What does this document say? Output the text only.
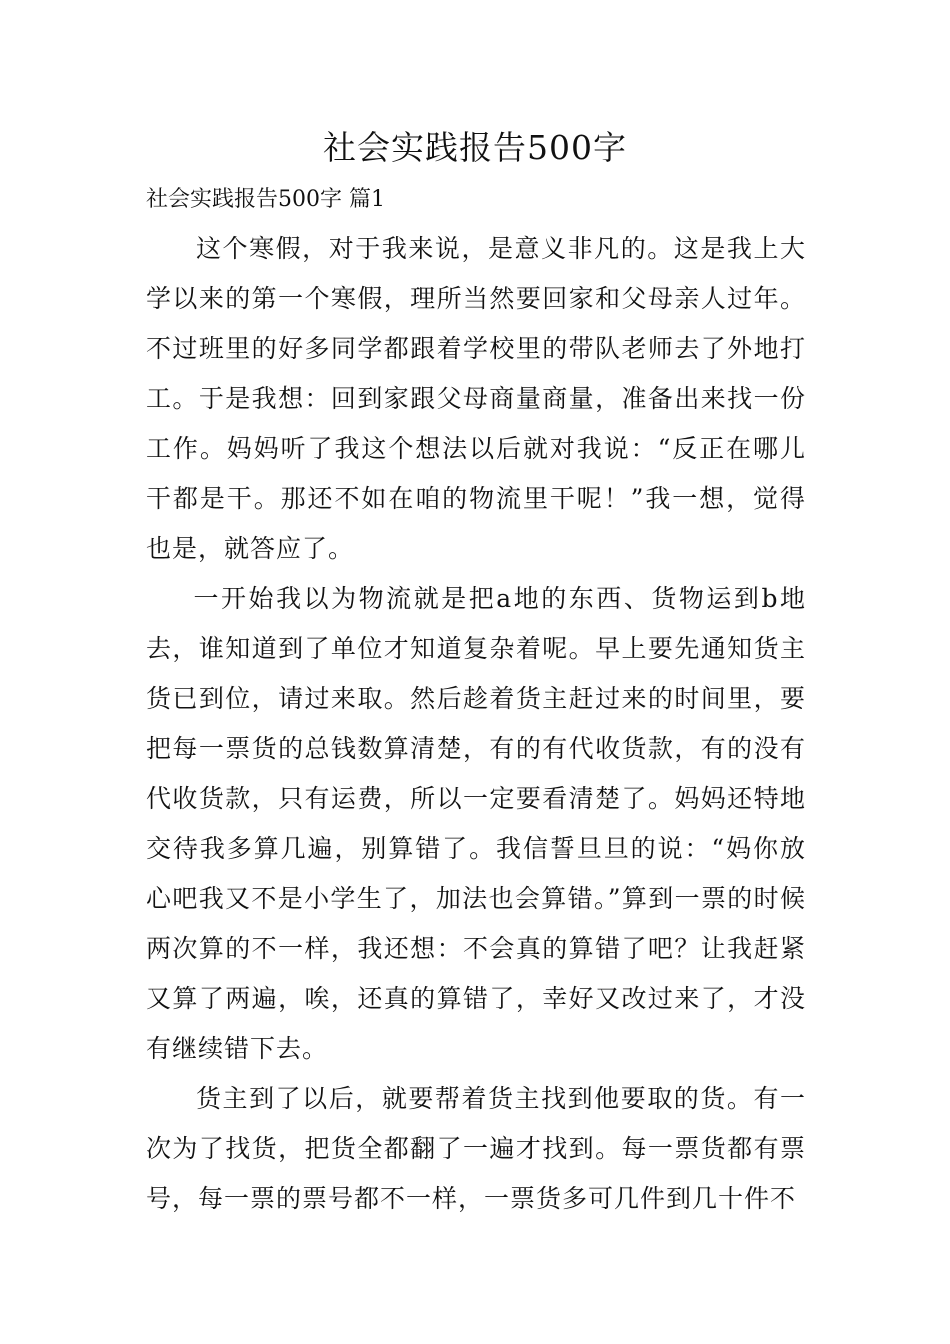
社会实践报告500字
社会实践报告500字 篇1

这个寒假，对于我来说，是意义非凡的。这是我上大学以来的第一个寒假，理所当然要回家和父母亲人过年。不过班里的好多同学都跟着学校里的带队老师去了外地打工。于是我想：回到家跟父母商量商量，准备出来找一份工作。妈妈听了我这个想法以后就对我说：“反正在哪儿干都是干。那还不如在咱的物流里干呢！”我一想，觉得也是，就答应了。

一开始我以为物流就是把a地的东西、货物运到b地去，谁知道到了单位才知道复杂着呢。早上要先通知货主货已到位，请过来取。然后趁着货主赶过来的时间里，要把每一票货的总钱数算清楚，有的有代收货款，有的没有代收货款，只有运费，所以一定要看清楚了。妈妈还特地交待我多算几遍，别算错了。我信誓旦旦的说：“妈你放心吧我又不是小学生了，加法也会算错。”算到一票的时候两次算的不一样，我还想：不会真的算错了吧？让我赶紧又算了两遍，唉，还真的算错了，幸好又改过来了，才没有继续错下去。

货主到了以后，就要帮着货主找到他要取的货。有一次为了找货，把货全都翻了一遍才找到。每一票货都有票号，每一票的票号都不一样，一票货多可几件到几十件不
